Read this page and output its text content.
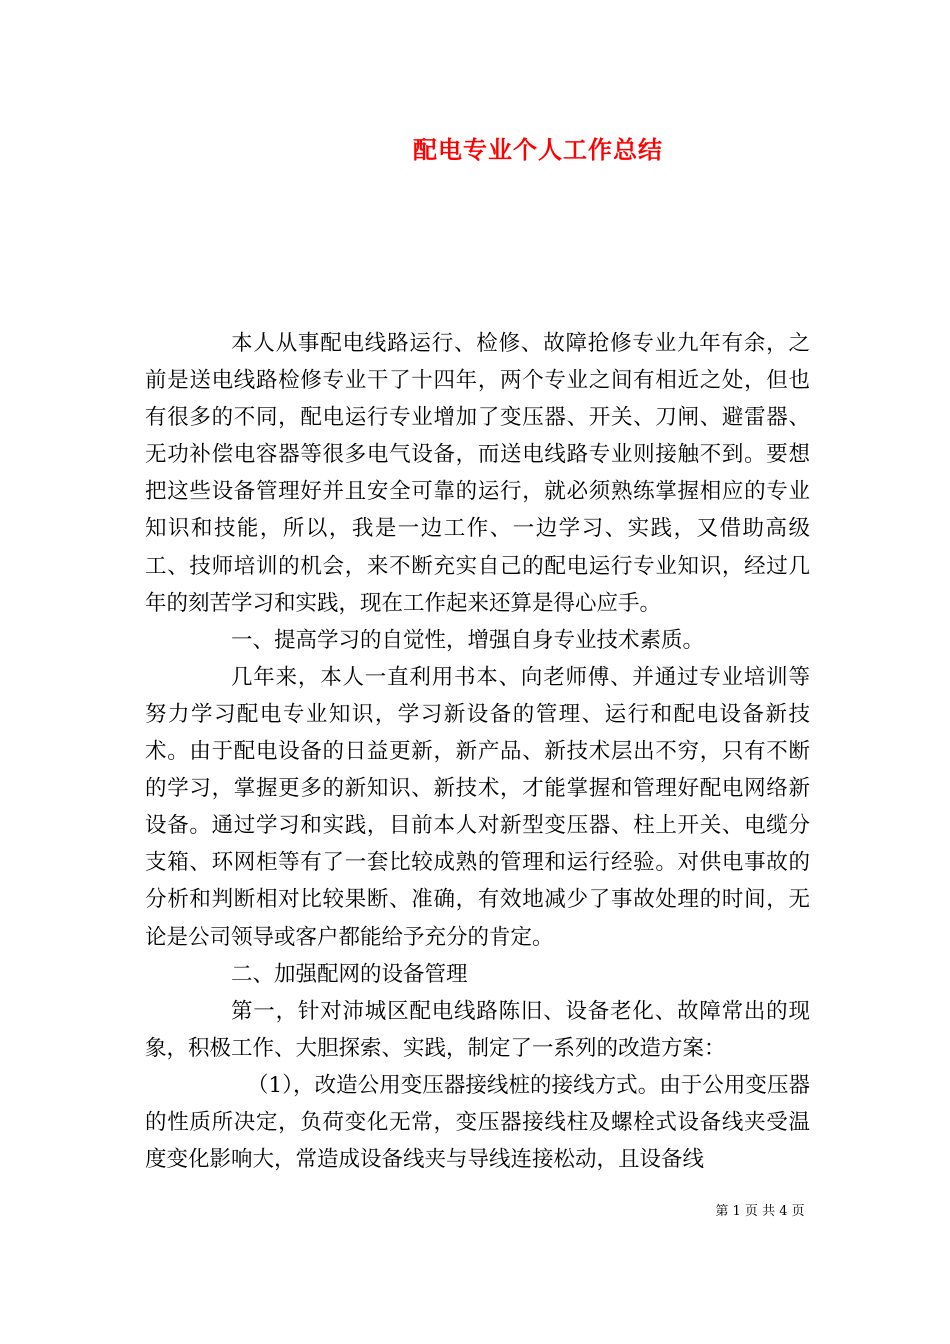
配电专业个人工作总结

本人从事配电线路运行、检修、故障抢修专业九年有余，之前是送电线路检修专业干了十四年，两个专业之间有相近之处，但也有很多的不同，配电运行专业增加了变压器、开关、刀闸、避雷器、无功补偿电容器等很多电气设备，而送电线路专业则接触不到。要想把这些设备管理好并且安全可靠的运行，就必须熟练掌握相应的专业知识和技能，所以，我是一边工作、一边学习、实践，又借助高级工、技师培训的机会，来不断充实自己的配电运行专业知识，经过几年的刻苦学习和实践，现在工作起来还算是得心应手。

一、提高学习的自觉性，增强自身专业技术素质。

几年来，本人一直利用书本、向老师傅、并通过专业培训等努力学习配电专业知识，学习新设备的管理、运行和配电设备新技术。由于配电设备的日益更新，新产品、新技术层出不穷，只有不断的学习，掌握更多的新知识、新技术，才能掌握和管理好配电网络新设备。通过学习和实践，目前本人对新型变压器、柱上开关、电缆分支箱、环网柜等有了一套比较成熟的管理和运行经验。对供电事故的分析和判断相对比较果断、准确，有效地减少了事故处理的时间，无论是公司领导或客户都能给予充分的肯定。

二、加强配网的设备管理

第一，针对沛城区配电线路陈旧、设备老化、故障常出的现象，积极工作、大胆探索、实践，制定了一系列的改造方案：

（1），改造公用变压器接线桩的接线方式。由于公用变压器的性质所决定，负荷变化无常，变压器接线柱及螺栓式设备线夹受温度变化影响大，常造成设备线夹与导线连接松动，且设备线

第 1 页 共 4 页
